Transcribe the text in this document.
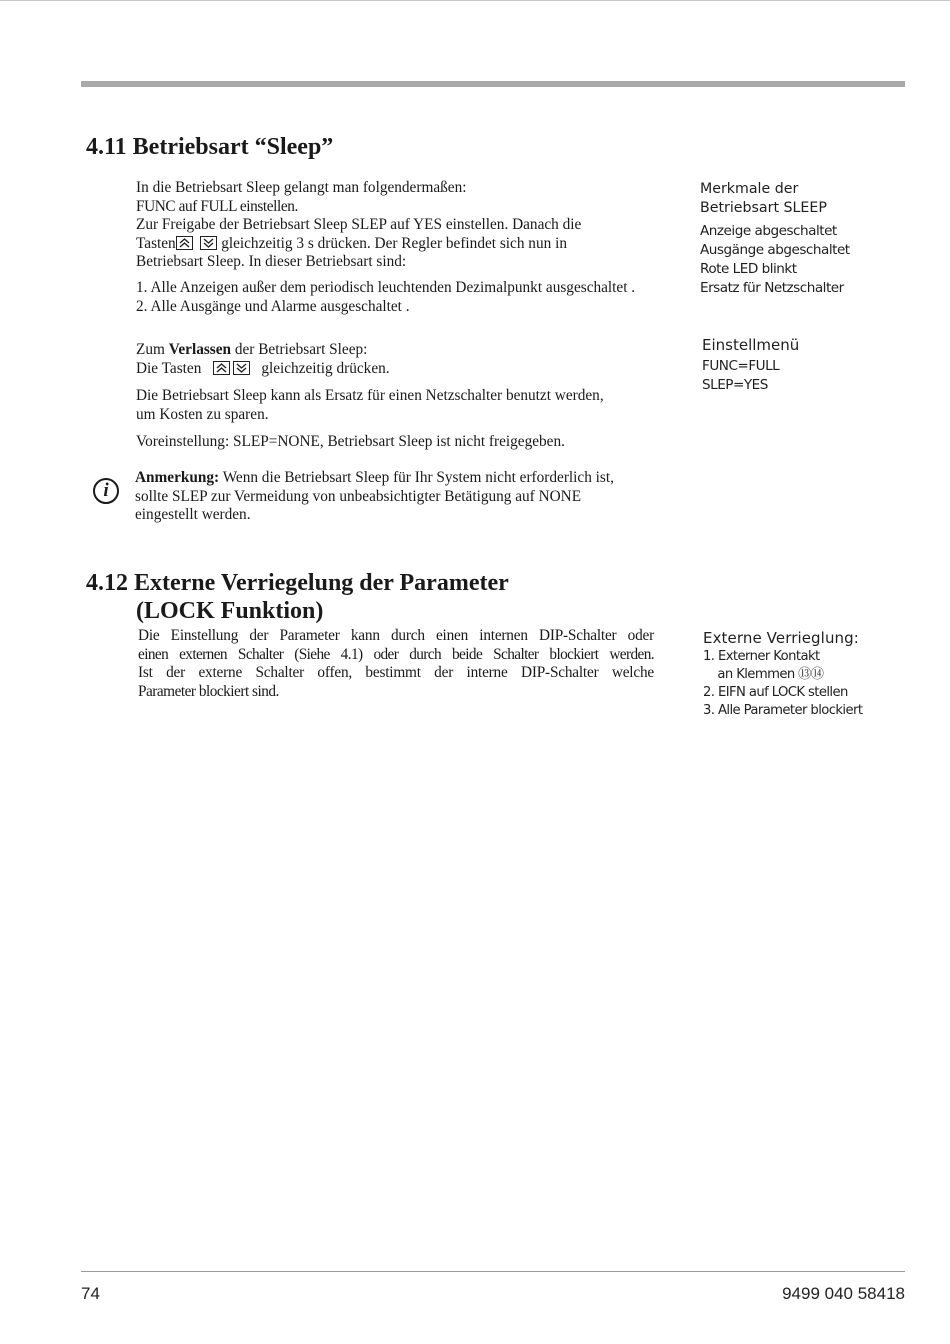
4.11 Betriebsart “Sleep”

In die Betriebsart Sleep gelangt man folgendermaßen:

FUNC auf FULL einstellen.

Zur Freigabe der Betriebsart Sleep SLEP auf YES einstellen. Danach die

Tasten
	gleichzeitig 3 s drücken. Der Regler befindet sich nun in

Betriebsart Sleep. In dieser Betriebsart sind:

1. Alle Anzeigen außer dem periodisch leuchtenden Dezimalpunkt ausgeschaltet .

2. Alle Ausgänge und Alarme ausgeschaltet .

Zum Verlassen der Betriebsart Sleep:

Die Tasten	gleichzeitig drücken.

Die Betriebsart Sleep kann als Ersatz für einen Netzschalter benutzt werden,

um Kosten zu sparen.

Voreinstellung: SLEP=NONE, Betriebsart Sleep ist nicht freigegeben.
i

Anmerkung: Wenn die Betriebsart Sleep für Ihr System nicht erforderlich ist,

sollte SLEP zur Vermeidung von unbeabsichtigter Betätigung auf NONE

eingestellt werden.

Merkmale der
Betriebsart SLEEP
Anzeige abgeschaltet
Ausgänge abgeschaltet
Rote LED blinkt
Ersatz für Netzschalter
Einstellmenü
FUNC=FULL
SLEP=YES
4.12 Externe Verriegelung der Parameter
(LOCK Funktion)

Die Einstellung der Parameter kann durch einen internen DIP-Schalter oder

einen externen Schalter (Siehe 4.1) oder durch beide Schalter blockiert werden.

Ist der externe Schalter offen, bestimmt der interne DIP-Schalter welche

Parameter blockiert sind.

Externe Verrieglung:
1. Externer Kontakt
an Klemmen ⑬⑭
2. EIFN auf LOCK stellen
3. Alle Parameter blockiert
74	9499 040 58418
